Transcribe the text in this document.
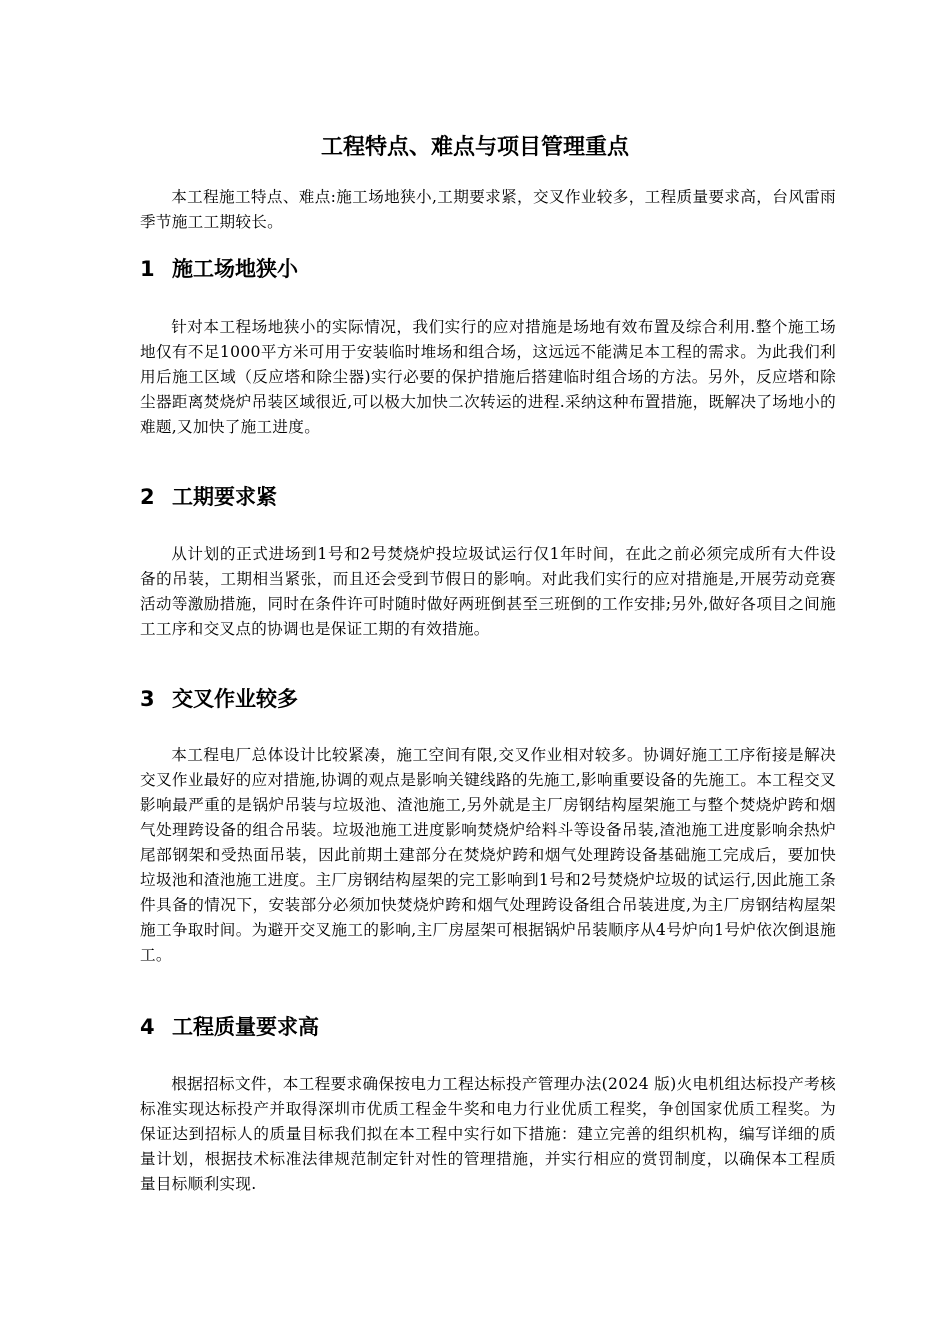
工程特点、难点与项目管理重点

本工程施工特点、难点:施工场地狭小,工期要求紧，交叉作业较多，工程质量要求高，台风雷雨季节施工工期较长。

1 施工场地狭小

针对本工程场地狭小的实际情况，我们实行的应对措施是场地有效布置及综合利用.整个施工场地仅有不足1000平方米可用于安装临时堆场和组合场，这远远不能满足本工程的需求。为此我们利用后施工区域（反应塔和除尘器)实行必要的保护措施后搭建临时组合场的方法。另外，反应塔和除尘器距离焚烧炉吊装区域很近,可以极大加快二次转运的进程.采纳这种布置措施，既解决了场地小的难题,又加快了施工进度。

2 工期要求紧

从计划的正式进场到1号和2号焚烧炉投垃圾试运行仅1年时间，在此之前必须完成所有大件设备的吊装，工期相当紧张，而且还会受到节假日的影响。对此我们实行的应对措施是,开展劳动竞赛活动等激励措施，同时在条件许可时随时做好两班倒甚至三班倒的工作安排;另外,做好各项目之间施工工序和交叉点的协调也是保证工期的有效措施。

3 交叉作业较多

本工程电厂总体设计比较紧凑，施工空间有限,交叉作业相对较多。协调好施工工序衔接是解决交叉作业最好的应对措施,协调的观点是影响关键线路的先施工,影响重要设备的先施工。本工程交叉影响最严重的是锅炉吊装与垃圾池、渣池施工,另外就是主厂房钢结构屋架施工与整个焚烧炉跨和烟气处理跨设备的组合吊装。垃圾池施工进度影响焚烧炉给料斗等设备吊装,渣池施工进度影响余热炉尾部钢架和受热面吊装，因此前期土建部分在焚烧炉跨和烟气处理跨设备基础施工完成后，要加快垃圾池和渣池施工进度。主厂房钢结构屋架的完工影响到1号和2号焚烧炉垃圾的试运行,因此施工条件具备的情况下，安装部分必须加快焚烧炉跨和烟气处理跨设备组合吊装进度,为主厂房钢结构屋架施工争取时间。为避开交叉施工的影响,主厂房屋架可根据锅炉吊装顺序从4号炉向1号炉依次倒退施工。

4 工程质量要求高

根据招标文件，本工程要求确保按电力工程达标投产管理办法(2024 版)火电机组达标投产考核标准实现达标投产并取得深圳市优质工程金牛奖和电力行业优质工程奖，争创国家优质工程奖。为保证达到招标人的质量目标我们拟在本工程中实行如下措施：建立完善的组织机构，编写详细的质量计划，根据技术标准法律规范制定针对性的管理措施，并实行相应的赏罚制度，以确保本工程质量目标顺利实现.
